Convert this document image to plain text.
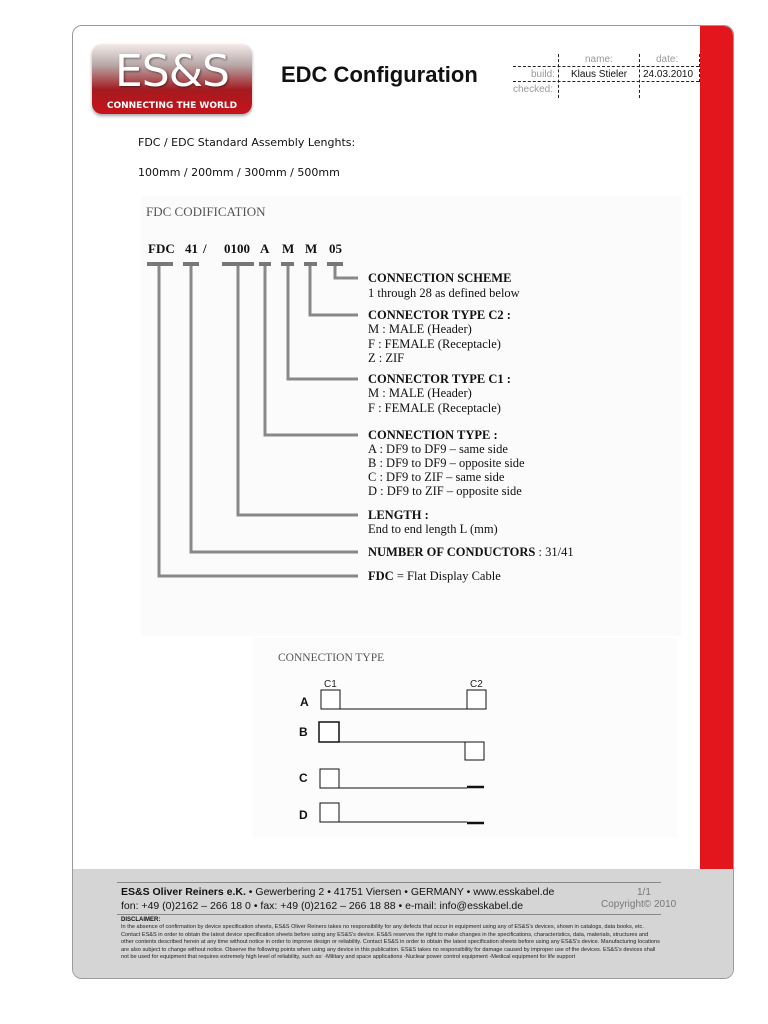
ES&S
CONNECTING THE WORLD
EDC Configuration
name:	date:
build: Klaus Stieler 24.03.2010
checked:
FDC / EDC Standard Assembly Lenghts:
100mm / 200mm / 300mm / 500mm
FDC CODIFICATION
FDC 41 / 0100 A M M 05
CONNECTION SCHEME
1 through 28 as defined below
CONNECTOR TYPE C2 :
M : MALE (Header)
F : FEMALE (Receptacle)
Z : ZIF
CONNECTOR TYPE C1 :
M : MALE (Header)
F : FEMALE (Receptacle)
CONNECTION TYPE :
A : DF9 to DF9 – same side
B : DF9 to DF9 – opposite side
C : DF9 to ZIF – same side
D : DF9 to ZIF – opposite side
LENGTH :
End to end length L (mm)
NUMBER OF CONDUCTORS : 31/41
FDC = Flat Display Cable
CONNECTION TYPE
C1	C2
A
B
C
D
ES&S Oliver Reiners e.K. • Gewerbering 2 • 41751 Viersen • GERMANY • www.esskabel.de
fon: +49 (0)2162 – 266 18 0 • fax: +49 (0)2162 – 266 18 88 • e-mail: info@esskabel.de
1/1
Copyright© 2010
DISCLAIMER:
In the absence of confirmation by device specification sheets, ES&S Oliver Reiners takes no responsibility for any defects that occur in equipment using any of ES&S’s devices, shown in catalogs, data books, etc. Contact ES&S in order to obtain the latest device specification sheets before using any ES&S’s device. ES&S reserves the right to make changes in the specifications, characteristics, data, materials, structures and other contents described herein at any time without notice in order to improve design or reliability. Contact ES&S in order to obtain the latest specification sheets before using any ES&S’s device. Manufacturing locations are also subject to change without notice. Observe the following points when using any device in this publication. ES&S takes no responsibility for damage caused by improper use of the devices. ES&S’s devices shall not be used for equipment that requires extremely high level of reliability, such as: -Military and space applications -Nuclear power control equipment -Medical equipment for life support
